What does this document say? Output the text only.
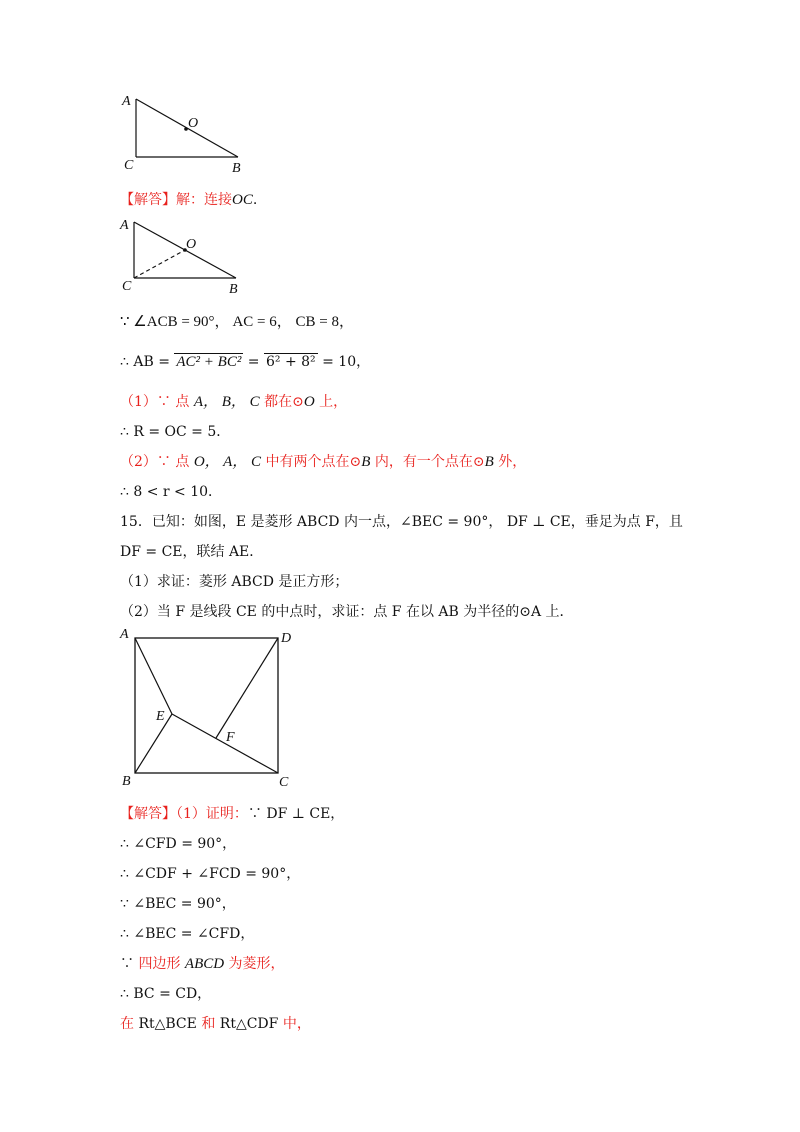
A
O
C	B
【解答】解：连接OC.
A
O
C	B
∵ ∠ACB = 90°， AC = 6， CB = 8，
∴ AB = AC² + BC² = 6² + 8² = 10，
（1）∵ 点 A， B， C 都在⊙O 上，
∴ R = OC = 5．
（2）∵ 点 O， A， C 中有两个点在⊙B 内，有一个点在⊙B 外，
∴ 8 < r < 10．
15．已知：如图，E 是菱形 ABCD 内一点，∠BEC = 90°， DF ⊥ CE，垂足为点 F，且
DF = CE，联结 AE．
（1）求证：菱形 ABCD 是正方形；
（2）当 F 是线段 CE 的中点时，求证：点 F 在以 AB 为半径的⊙A 上．
A	D
E
F
B	C
【解答】（1）证明：∵ DF ⊥ CE，
∴ ∠CFD = 90°，
∴ ∠CDF + ∠FCD = 90°，
∵ ∠BEC = 90°，
∴ ∠BEC = ∠CFD，
∵ 四边形 ABCD 为菱形，
∴ BC = CD，
在 Rt△BCE 和 Rt△CDF 中，
